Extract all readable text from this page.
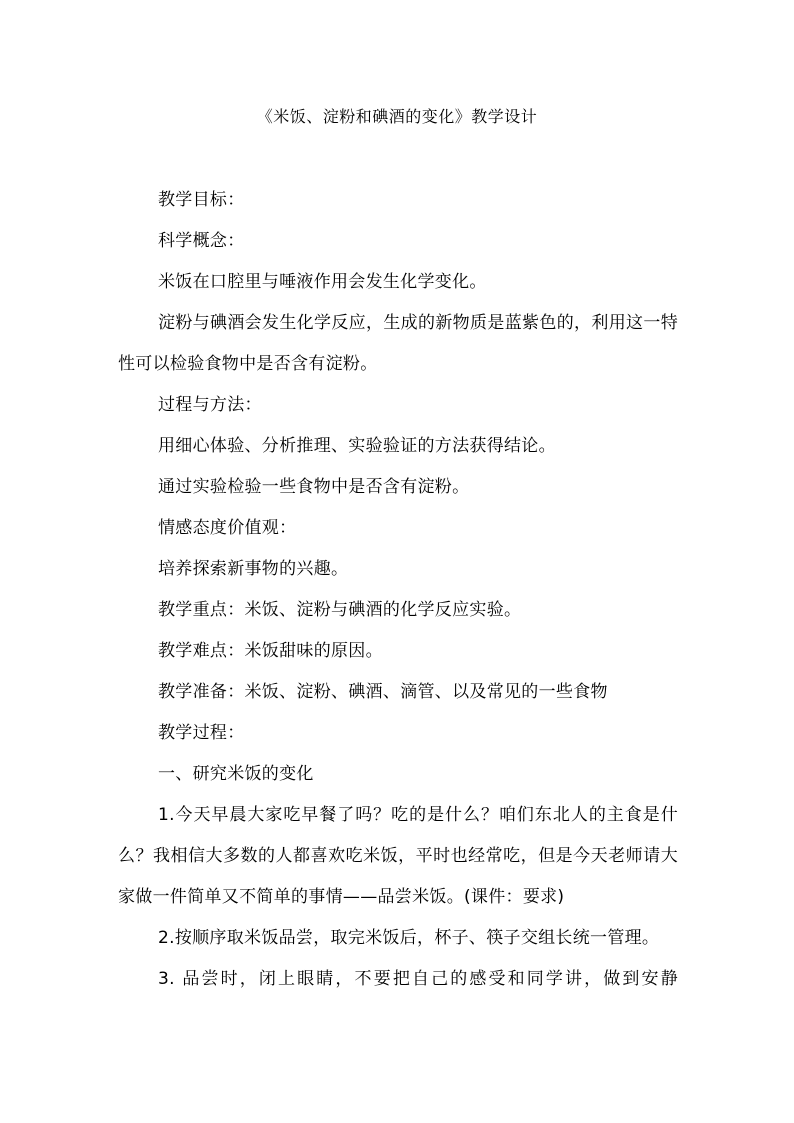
《米饭、淀粉和碘酒的变化》教学设计

教学目标：

科学概念：

米饭在口腔里与唾液作用会发生化学变化。

淀粉与碘酒会发生化学反应，生成的新物质是蓝紫色的，利用这一特性可以检验食物中是否含有淀粉。

过程与方法：

用细心体验、分析推理、实验验证的方法获得结论。

通过实验检验一些食物中是否含有淀粉。

情感态度价值观：

培养探索新事物的兴趣。

教学重点：米饭、淀粉与碘酒的化学反应实验。

教学难点：米饭甜味的原因。

教学准备：米饭、淀粉、碘酒、滴管、以及常见的一些食物

教学过程：

一、研究米饭的变化

1.今天早晨大家吃早餐了吗？吃的是什么？咱们东北人的主食是什么？我相信大多数的人都喜欢吃米饭，平时也经常吃，但是今天老师请大家做一件简单又不简单的事情——品尝米饭。(课件：要求)

2.按顺序取米饭品尝，取完米饭后，杯子、筷子交组长统一管理。

3. 品尝时，闭上眼睛，不要把自己的感受和同学讲，做到安静
